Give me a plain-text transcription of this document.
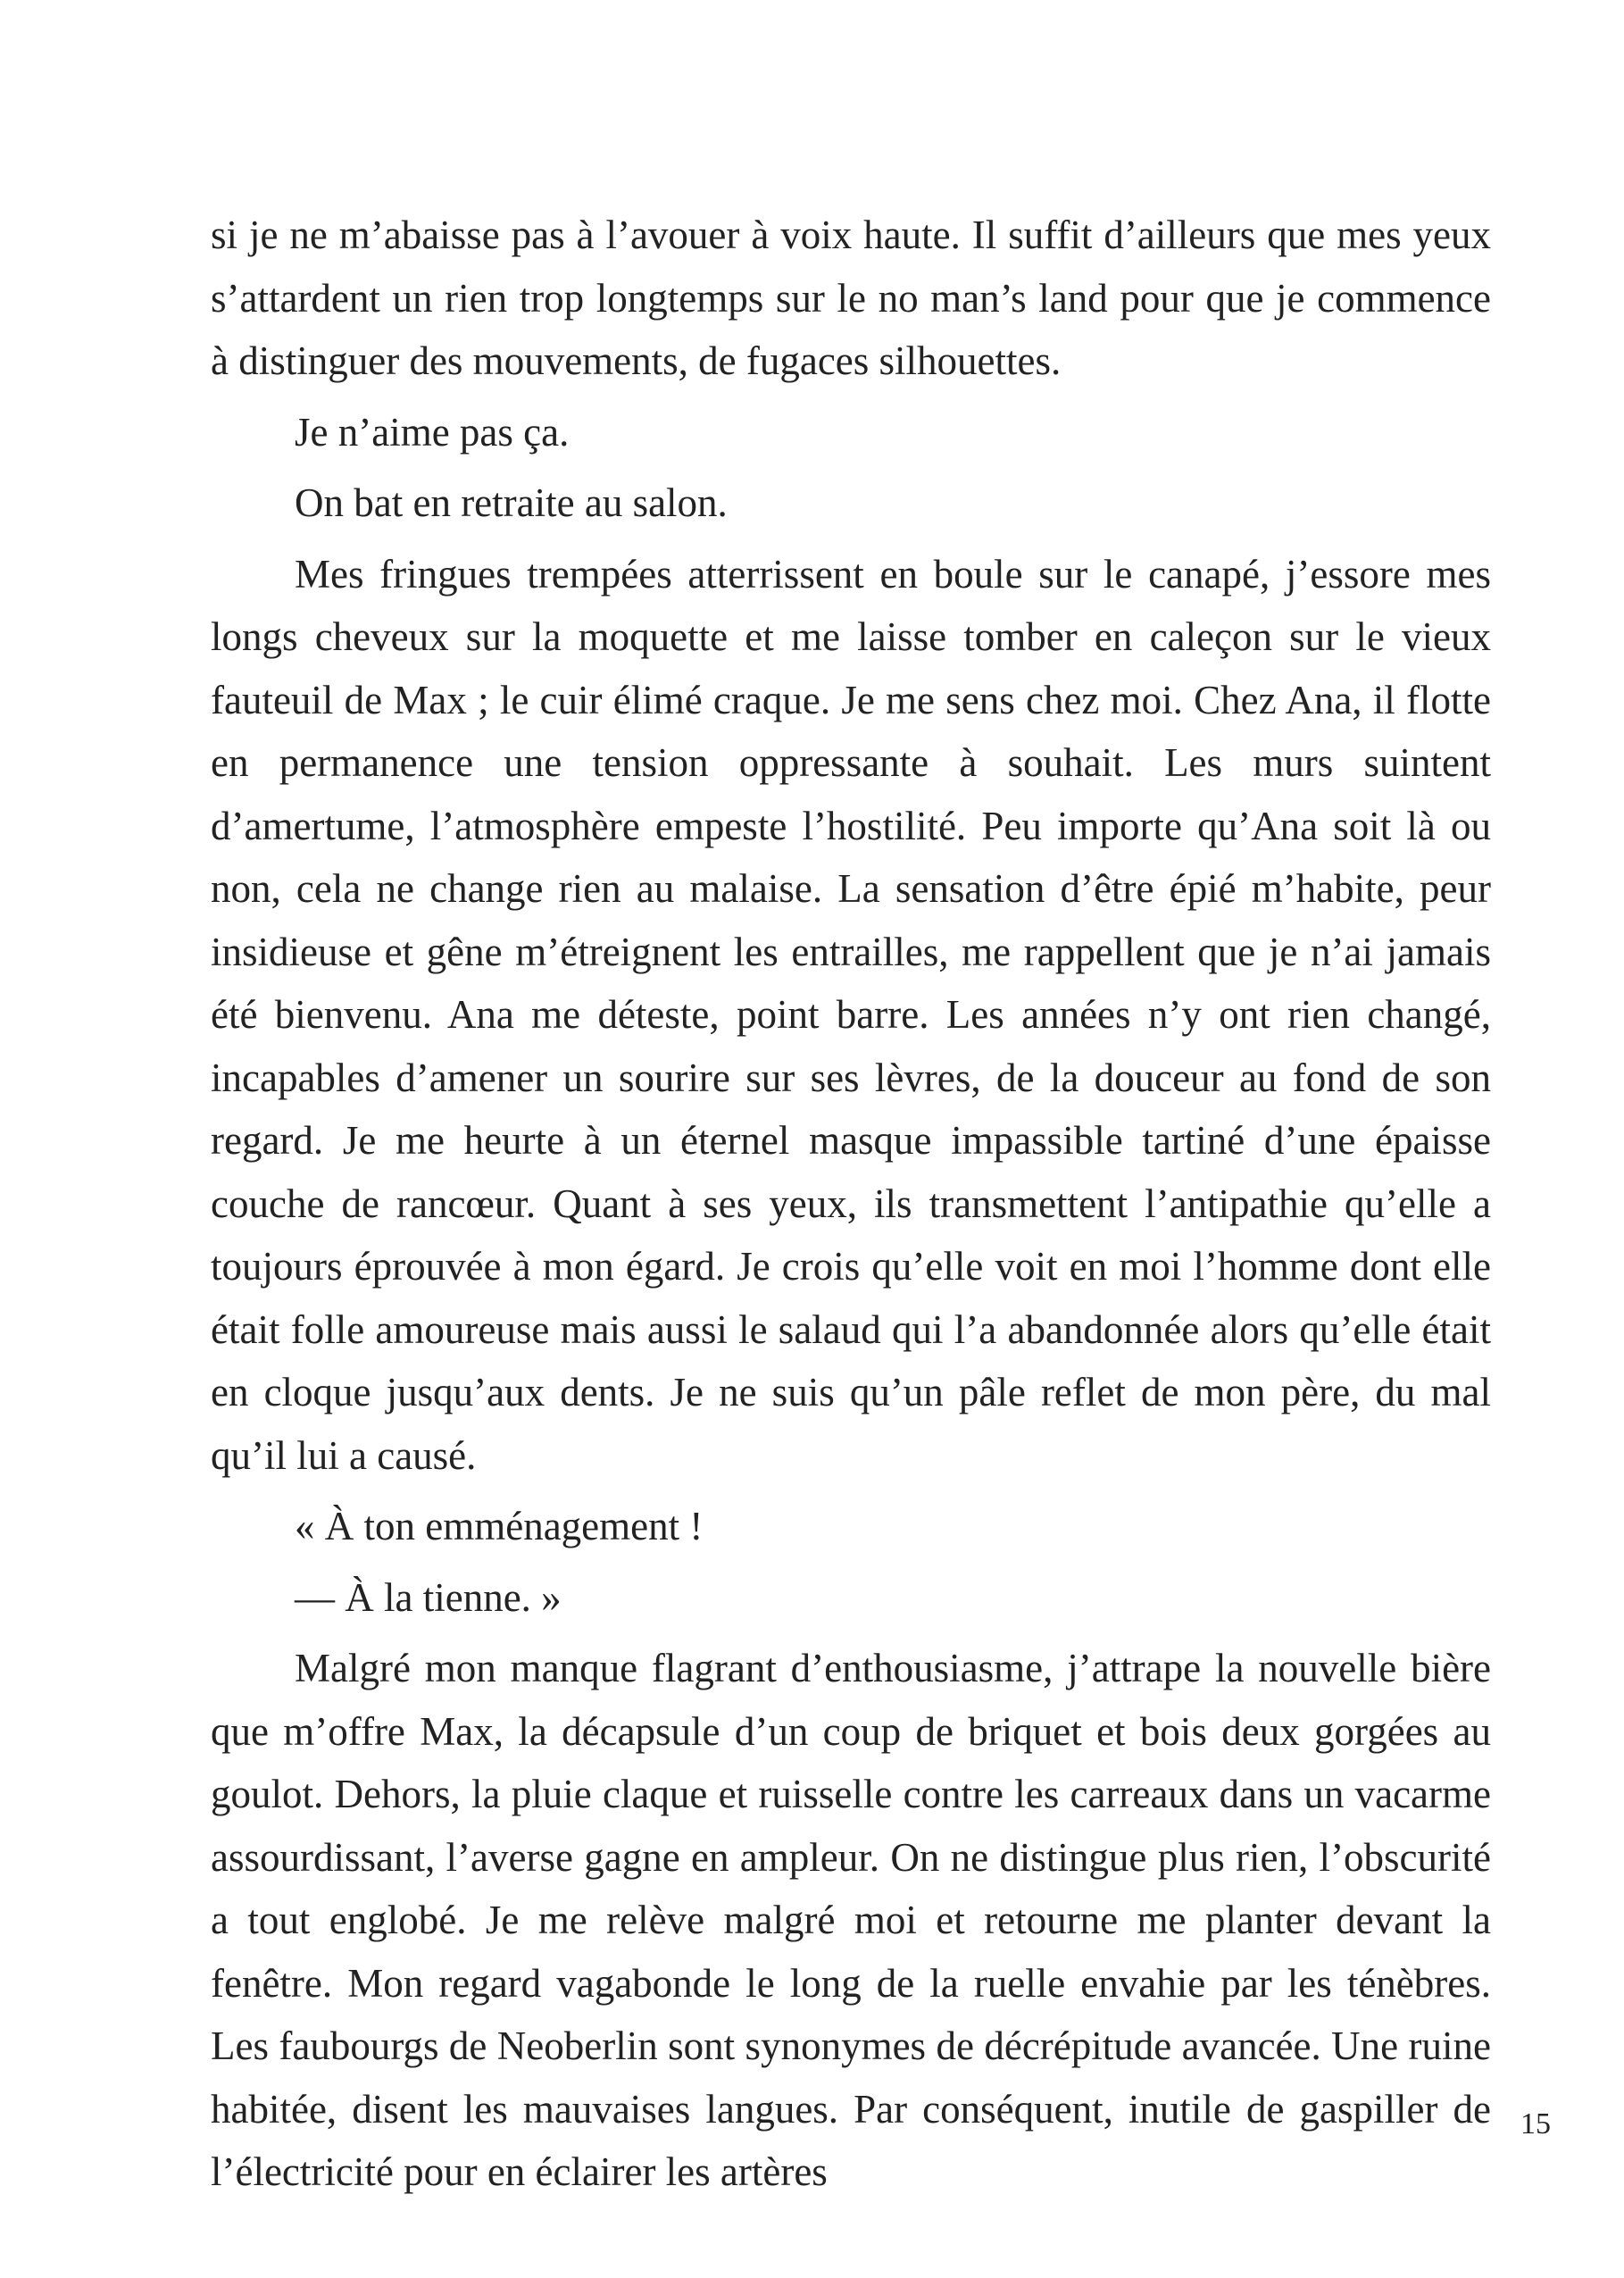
si je ne m’abaisse pas à l’avouer à voix haute. Il suffit d’ailleurs que mes yeux s’attardent un rien trop longtemps sur le no man’s land pour que je commence à distinguer des mouvements, de fugaces silhouettes.

Je n’aime pas ça.

On bat en retraite au salon.

Mes fringues trempées atterrissent en boule sur le canapé, j’essore mes longs cheveux sur la moquette et me laisse tomber en caleçon sur le vieux fauteuil de Max ; le cuir élimé craque. Je me sens chez moi. Chez Ana, il flotte en permanence une tension oppressante à souhait. Les murs suintent d’amertume, l’atmosphère empeste l’hostilité. Peu importe qu’Ana soit là ou non, cela ne change rien au malaise. La sensation d’être épié m’habite, peur insidieuse et gêne m’étreignent les entrailles, me rappellent que je n’ai jamais été bienvenu. Ana me déteste, point barre. Les années n’y ont rien changé, incapables d’amener un sourire sur ses lèvres, de la douceur au fond de son regard. Je me heurte à un éternel masque impassible tartiné d’une épaisse couche de rancœur. Quant à ses yeux, ils transmettent l’antipathie qu’elle a toujours éprouvée à mon égard. Je crois qu’elle voit en moi l’homme dont elle était folle amoureuse mais aussi le salaud qui l’a abandonnée alors qu’elle était en cloque jusqu’aux dents. Je ne suis qu’un pâle reflet de mon père, du mal qu’il lui a causé.

« À ton emménagement !

— À la tienne. »

Malgré mon manque flagrant d’enthousiasme, j’attrape la nouvelle bière que m’offre Max, la décapsule d’un coup de briquet et bois deux gorgées au goulot. Dehors, la pluie claque et ruisselle contre les carreaux dans un vacarme assourdissant, l’averse gagne en ampleur. On ne distingue plus rien, l’obscurité a tout englobé. Je me relève malgré moi et retourne me planter devant la fenêtre. Mon regard vagabonde le long de la ruelle envahie par les ténèbres. Les faubourgs de Neoberlin sont synonymes de décrépitude avancée. Une ruine habitée, disent les mauvaises langues. Par conséquent, inutile de gaspiller de l’électricité pour en éclairer les artères

15
